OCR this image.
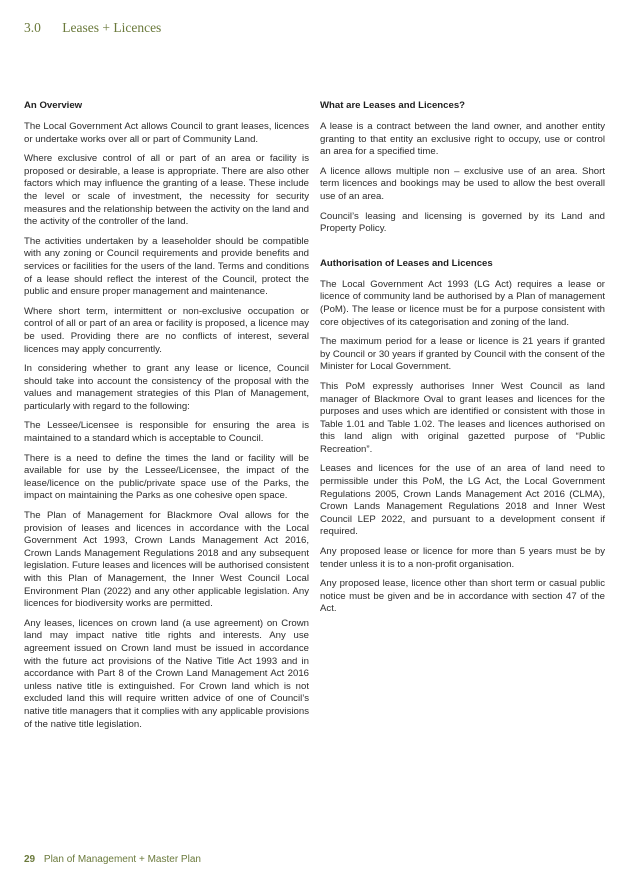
3.0 Leases + Licences
An Overview

The Local Government Act allows Council to grant leases, licences or undertake works over all or part of Community Land.

Where exclusive control of all or part of an area or facility is proposed or desirable, a lease is appropriate. There are also other factors which may influence the granting of a lease. These include the level or scale of investment, the necessity for security measures and the relationship between the activity on the land and the activity of the controller of the land.

The activities undertaken by a leaseholder should be compatible with any zoning or Council requirements and provide benefits and services or facilities for the users of the land. Terms and conditions of a lease should reflect the interest of the Council, protect the public and ensure proper management and maintenance.

Where short term, intermittent or non-exclusive occupation or control of all or part of an area or facility is proposed, a licence may be used. Providing there are no conflicts of interest, several licences may apply concurrently.

In considering whether to grant any lease or licence, Council should take into account the consistency of the proposal with the values and management strategies of this Plan of Management, particularly with regard to the following:

The Lessee/Licensee is responsible for ensuring the area is maintained to a standard which is acceptable to Council.

There is a need to define the times the land or facility will be available for use by the Lessee/Licensee, the impact of the lease/licence on the public/private space use of the Parks, the impact on maintaining the Parks as one cohesive open space.

The Plan of Management for Blackmore Oval allows for the provision of leases and licences in accordance with the Local Government Act 1993, Crown Lands Management Act 2016, Crown Lands Management Regulations 2018 and any subsequent legislation. Future leases and licences will be authorised consistent with this Plan of Management, the Inner West Council Local Environment Plan (2022) and any other applicable legislation. Any licences for biodiversity works are permitted.

Any leases, licences on crown land (a use agreement) on Crown land may impact native title rights and interests. Any use agreement issued on Crown land must be issued in accordance with the future act provisions of the Native Title Act 1993 and in accordance with Part 8 of the Crown Land Management Act 2016 unless native title is extinguished. For Crown land which is not excluded land this will require written advice of one of Council’s native title managers that it complies with any applicable provisions of the native title legislation.

What are Leases and Licences?

A lease is a contract between the land owner, and another entity granting to that entity an exclusive right to occupy, use or control an area for a specified time.

A licence allows multiple non – exclusive use of an area. Short term licences and bookings may be used to allow the best overall use of an area.

Council’s leasing and licensing is governed by its Land and Property Policy.

Authorisation of Leases and Licences

The Local Government Act 1993 (LG Act) requires a lease or licence of community land be authorised by a Plan of management (PoM). The lease or licence must be for a purpose consistent with core objectives of its categorisation and zoning of the land.

The maximum period for a lease or licence is 21 years if granted by Council or 30 years if granted by Council with the consent of the Minister for Local Government.

This PoM expressly authorises Inner West Council as land manager of Blackmore Oval to grant leases and licences for the purposes and uses which are identified or consistent with those in Table 1.01 and Table 1.02. The leases and licences authorised on this land align with original gazetted purpose of “Public Recreation”.

Leases and licences for the use of an area of land need to permissible under this PoM, the LG Act, the Local Government Regulations 2005, Crown Lands Management Act 2016 (CLMA), Crown Lands Management Regulations 2018 and Inner West Council LEP 2022, and pursuant to a development consent if required.

Any proposed lease or licence for more than 5 years must be by tender unless it is to a non-profit organisation.

Any proposed lease, licence other than short term or casual public notice must be given and be in accordance with section 47 of the Act.

29 Plan of Management + Master Plan
